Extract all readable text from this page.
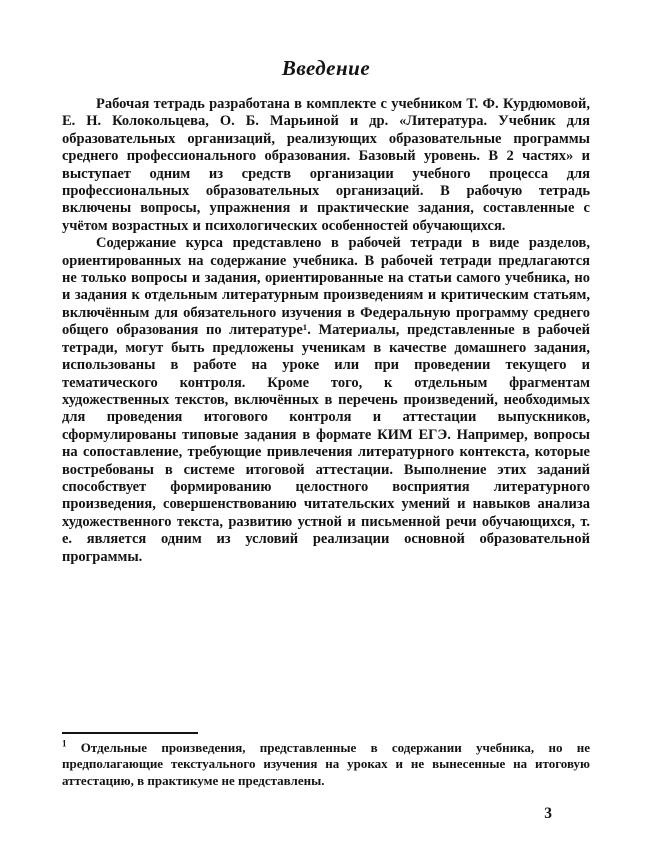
Введение

Рабочая тетрадь разработана в комплекте с учебником Т. Ф. Курдюмовой, Е. Н. Колокольцева, О. Б. Марьиной и др. «Литература. Учебник для образовательных организаций, реализующих образовательные программы среднего профессионального образования. Базовый уровень. В 2 частях» и выступает одним из средств организации учебного процесса для профессиональных образовательных организаций. В рабочую тетрадь включены вопросы, упражнения и практические задания, составленные с учётом возрастных и психологических особенностей обучающихся.

Содержание курса представлено в рабочей тетради в виде разделов, ориентированных на содержание учебника. В рабочей тетради предлагаются не только вопросы и задания, ориентированные на статьи самого учебника, но и задания к отдельным литературным произведениям и критическим статьям, включённым для обязательного изучения в Федеральную программу среднего общего образования по литературе¹. Материалы, представленные в рабочей тетради, могут быть предложены ученикам в качестве домашнего задания, использованы в работе на уроке или при проведении текущего и тематического контроля. Кроме того, к отдельным фрагментам художественных текстов, включённых в перечень произведений, необходимых для проведения итогового контроля и аттестации выпускников, сформулированы типовые задания в формате КИМ ЕГЭ. Например, вопросы на сопоставление, требующие привлечения литературного контекста, которые востребованы в системе итоговой аттестации. Выполнение этих заданий способствует формированию целостного восприятия литературного произведения, совершенствованию читательских умений и навыков анализа художественного текста, развитию устной и письменной речи обучающихся, т. е. является одним из условий реализации основной образовательной программы.

$^1$ Отдельные произведения, представленные в содержании учебника, но не предполагающие текстуального изучения на уроках и не вынесенные на итоговую аттестацию, в практикуме не представлены.

3
